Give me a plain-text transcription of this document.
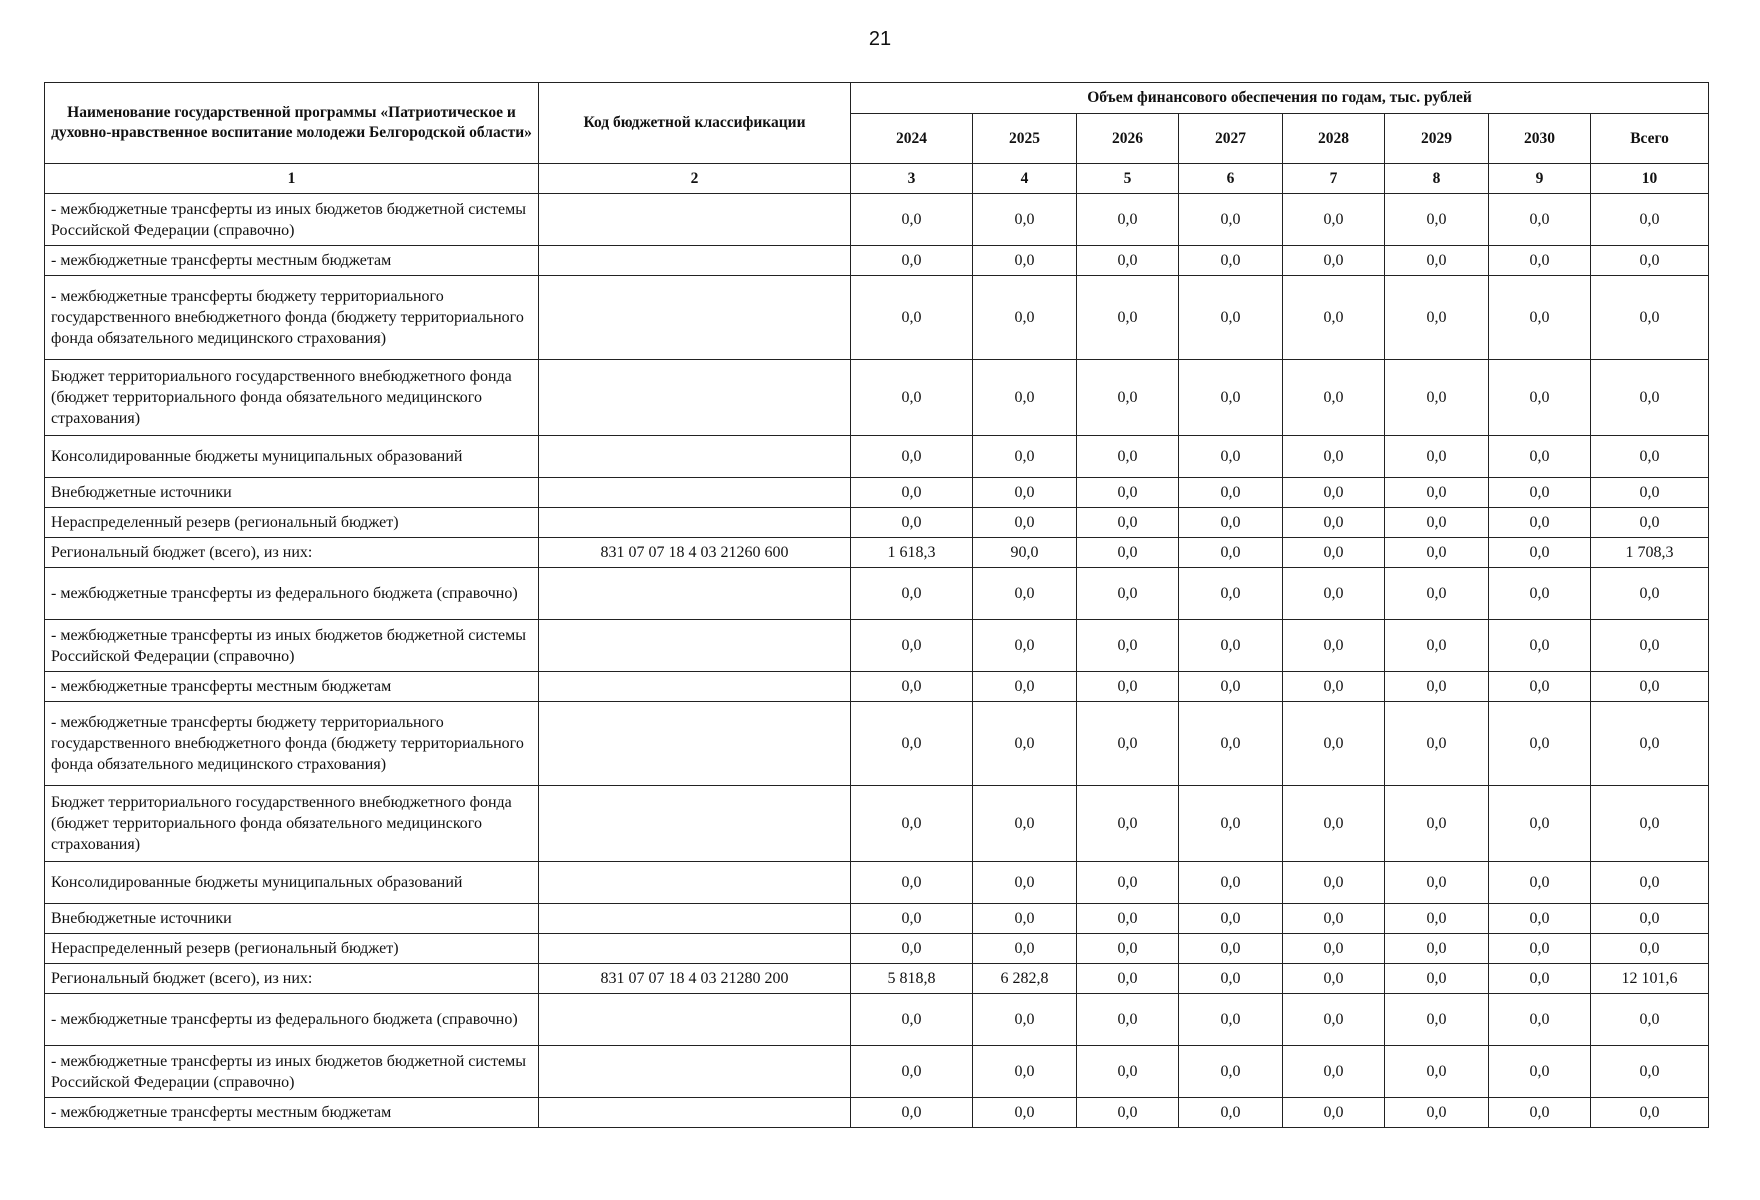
21
Наименование государственной программы «Патриотическое и духовно-нравственное воспитание молодежи Белгородской области»	Код бюджетной классификации	Объем финансового обеспечения по годам, тыс. рублей							
		2024	2025	2026	2027	2028	2029	2030	Всего
1	2	3	4	5	6	7	8	9	10
- межбюджетные трансферты из иных бюджетов бюджетной системы Российской Федерации (справочно)		0,0	0,0	0,0	0,0	0,0	0,0	0,0	0,0
- межбюджетные трансферты местным бюджетам		0,0	0,0	0,0	0,0	0,0	0,0	0,0	0,0
- межбюджетные трансферты бюджету территориального государственного внебюджетного фонда (бюджету территориального фонда обязательного медицинского страхования)		0,0	0,0	0,0	0,0	0,0	0,0	0,0	0,0
Бюджет территориального государственного внебюджетного фонда (бюджет территориального фонда обязательного медицинского страхования)		0,0	0,0	0,0	0,0	0,0	0,0	0,0	0,0
Консолидированные бюджеты муниципальных образований		0,0	0,0	0,0	0,0	0,0	0,0	0,0	0,0
Внебюджетные источники		0,0	0,0	0,0	0,0	0,0	0,0	0,0	0,0
Нераспределенный резерв (региональный бюджет)		0,0	0,0	0,0	0,0	0,0	0,0	0,0	0,0
Региональный бюджет (всего), из них:	831 07 07 18 4 03 21260 600	1 618,3	90,0	0,0	0,0	0,0	0,0	0,0	1 708,3
- межбюджетные трансферты из федерального бюджета (справочно)		0,0	0,0	0,0	0,0	0,0	0,0	0,0	0,0
- межбюджетные трансферты из иных бюджетов бюджетной системы Российской Федерации (справочно)		0,0	0,0	0,0	0,0	0,0	0,0	0,0	0,0
- межбюджетные трансферты местным бюджетам		0,0	0,0	0,0	0,0	0,0	0,0	0,0	0,0
- межбюджетные трансферты бюджету территориального государственного внебюджетного фонда (бюджету территориального фонда обязательного медицинского страхования)		0,0	0,0	0,0	0,0	0,0	0,0	0,0	0,0
Бюджет территориального государственного внебюджетного фонда (бюджет территориального фонда обязательного медицинского страхования)		0,0	0,0	0,0	0,0	0,0	0,0	0,0	0,0
Консолидированные бюджеты муниципальных образований		0,0	0,0	0,0	0,0	0,0	0,0	0,0	0,0
Внебюджетные источники		0,0	0,0	0,0	0,0	0,0	0,0	0,0	0,0
Нераспределенный резерв (региональный бюджет)		0,0	0,0	0,0	0,0	0,0	0,0	0,0	0,0
Региональный бюджет (всего), из них:	831 07 07 18 4 03 21280 200	5 818,8	6 282,8	0,0	0,0	0,0	0,0	0,0	12 101,6
- межбюджетные трансферты из федерального бюджета (справочно)		0,0	0,0	0,0	0,0	0,0	0,0	0,0	0,0
- межбюджетные трансферты из иных бюджетов бюджетной системы Российской Федерации (справочно)		0,0	0,0	0,0	0,0	0,0	0,0	0,0	0,0
- межбюджетные трансферты местным бюджетам		0,0	0,0	0,0	0,0	0,0	0,0	0,0	0,0
